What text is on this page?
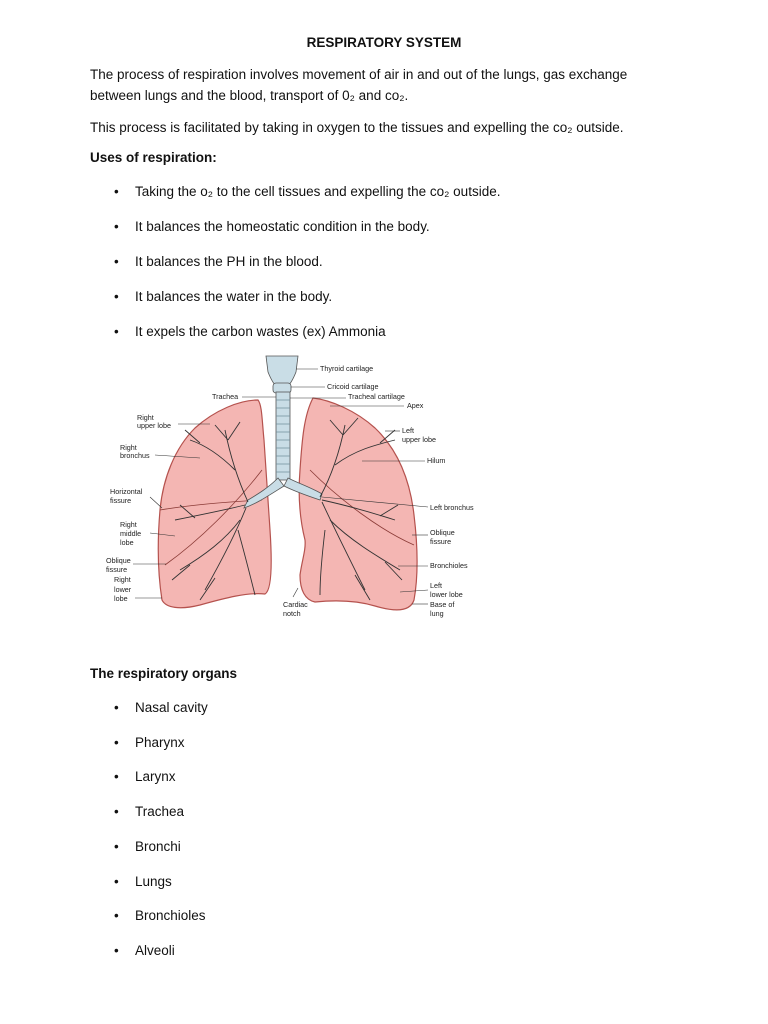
RESPIRATORY SYSTEM
The process of respiration involves movement of air in and out of the lungs, gas exchange
between lungs and the blood, transport of 0₂ and co₂.
This process is facilitated by taking in oxygen to the tissues and expelling the co₂ outside.
Uses of respiration:
• Taking the o₂ to the cell tissues and expelling the co₂ outside.
• It balances the homeostatic condition in the body.
• It balances the PH in the blood.
• It balances the water in the body.
• It expels the carbon wastes (ex) Ammonia
Thyroid cartilage
Cricoid cartilage
Trachea	Tracheal cartilage
Apex
Right
upper lobe
Left
upper lobe
Right
bronchus
Hilum
Horizontal
fissure
Left bronchus
Right
middle
lobe
Oblique
fissure
Oblique
fissure	Bronchioles
Right
lower
lobe
Left
lower lobe
Cardiac
notch
Base of
lung
The respiratory organs
• Nasal cavity
• Pharynx
• Larynx
• Trachea
• Bronchi
• Lungs
• Bronchioles
• Alveoli
